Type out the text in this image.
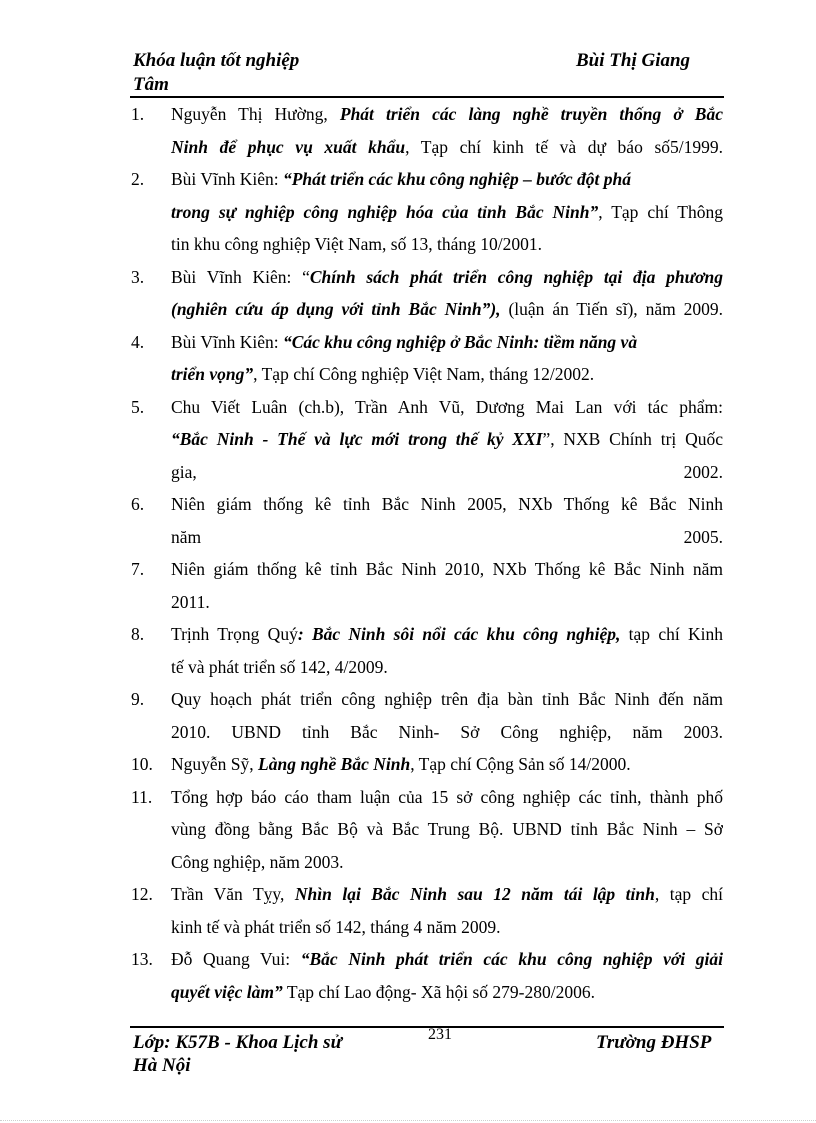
Khóa luận tốt nghiệp	Bùi Thị Giang
Tâm
1. Nguyễn Thị Hường, Phát triển các làng nghề truyền thống ở Bắc
Ninh để phục vụ xuất khẩu, Tạp chí kinh tế và dự báo số5/1999.
2. Bùi Vĩnh Kiên: “Phát triển các khu công nghiệp – bước đột phá
trong sự nghiệp công nghiệp hóa của tỉnh Bắc Ninh”, Tạp chí Thông
tin khu công nghiệp Việt Nam, số 13, tháng 10/2001.
3. Bùi Vĩnh Kiên: “Chính sách phát triển công nghiệp tại địa phương
(nghiên cứu áp dụng với tỉnh Bắc Ninh”), (luận án Tiến sĩ), năm 2009.
4. Bùi Vĩnh Kiên: “Các khu công nghiệp ở Bắc Ninh: tiềm năng và
triển vọng”, Tạp chí Công nghiệp Việt Nam, tháng 12/2002.
5. Chu Viết Luân (ch.b), Trần Anh Vũ, Dương Mai Lan với tác phẩm:
“Bắc Ninh - Thế và lực mới trong thế kỷ XXI”, NXB Chính trị Quốc
gia,	2002.
6. Niên giám thống kê tỉnh Bắc Ninh 2005, NXb Thống kê Bắc Ninh
năm	2005.
7. Niên giám thống kê tỉnh Bắc Ninh 2010, NXb Thống kê Bắc Ninh năm
2011.
8. Trịnh Trọng Quý: Bắc Ninh sôi nổi các khu công nghiệp, tạp chí Kinh
tế và phát triển số 142, 4/2009.
9. Quy hoạch phát triển công nghiệp trên địa bàn tỉnh Bắc Ninh đến năm
2010. UBND tỉnh Bắc Ninh- Sở Công nghiệp, năm 2003.
10. Nguyễn Sỹ, Làng nghề Bắc Ninh, Tạp chí Cộng Sản số 14/2000.
11. Tổng hợp báo cáo tham luận của 15 sở công nghiệp các tỉnh, thành phố
vùng đồng bằng Bắc Bộ và Bắc Trung Bộ. UBND tỉnh Bắc Ninh – Sở
Công nghiệp, năm 2003.
12. Trần Văn Tỵy, Nhìn lại Bắc Ninh sau 12 năm tái lập tỉnh, tạp chí
kinh tế và phát triển số 142, tháng 4 năm 2009.
13. Đỗ Quang Vui: “Bắc Ninh phát triển các khu công nghiệp với giải
quyết việc làm” Tạp chí Lao động- Xã hội số 279-280/2006.
Lớp: K57B - Khoa Lịch sử	231	Trường ĐHSP
Hà Nội
